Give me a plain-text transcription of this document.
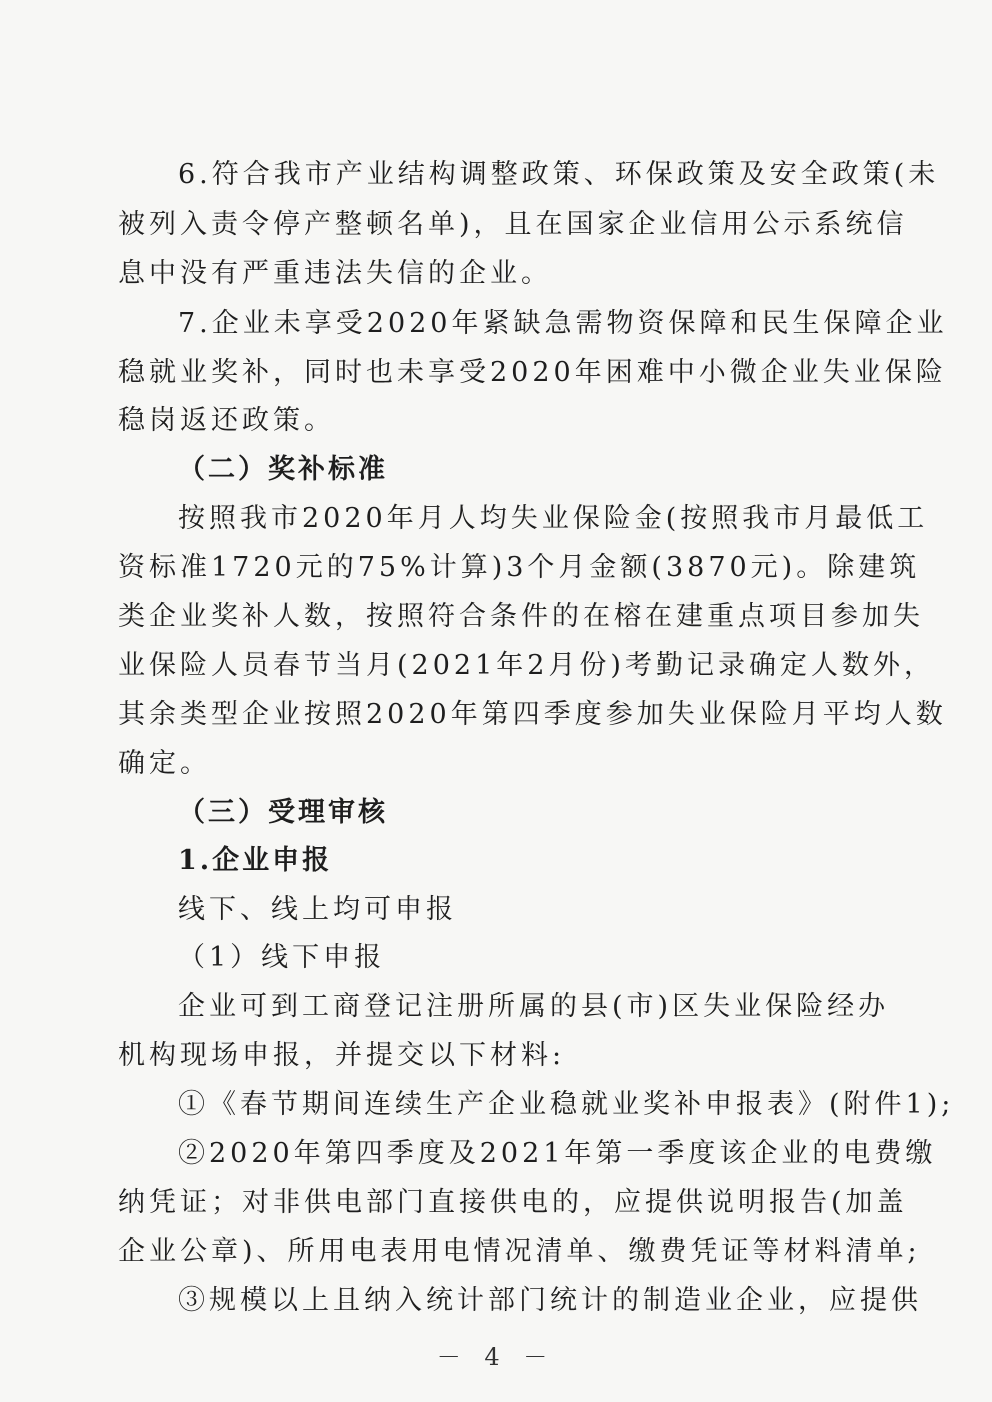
6.符合我市产业结构调整政策、环保政策及安全政策(未
被列入责令停产整顿名单)，且在国家企业信用公示系统信
息中没有严重违法失信的企业。
7.企业未享受2020年紧缺急需物资保障和民生保障企业
稳就业奖补，同时也未享受2020年困难中小微企业失业保险
稳岗返还政策。
（二）奖补标准
按照我市2020年月人均失业保险金(按照我市月最低工
资标准1720元的75%计算)3个月金额(3870元)。除建筑
类企业奖补人数，按照符合条件的在榕在建重点项目参加失
业保险人员春节当月(2021年2月份)考勤记录确定人数外，
其余类型企业按照2020年第四季度参加失业保险月平均人数
确定。
（三）受理审核
1.企业申报
线下、线上均可申报
（1）线下申报
企业可到工商登记注册所属的县(市)区失业保险经办
机构现场申报，并提交以下材料:
①《春节期间连续生产企业稳就业奖补申报表》(附件1);
②2020年第四季度及2021年第一季度该企业的电费缴
纳凭证；对非供电部门直接供电的，应提供说明报告(加盖
企业公章)、所用电表用电情况清单、缴费凭证等材料清单;
③规模以上且纳入统计部门统计的制造业企业，应提供
－ 4 －
